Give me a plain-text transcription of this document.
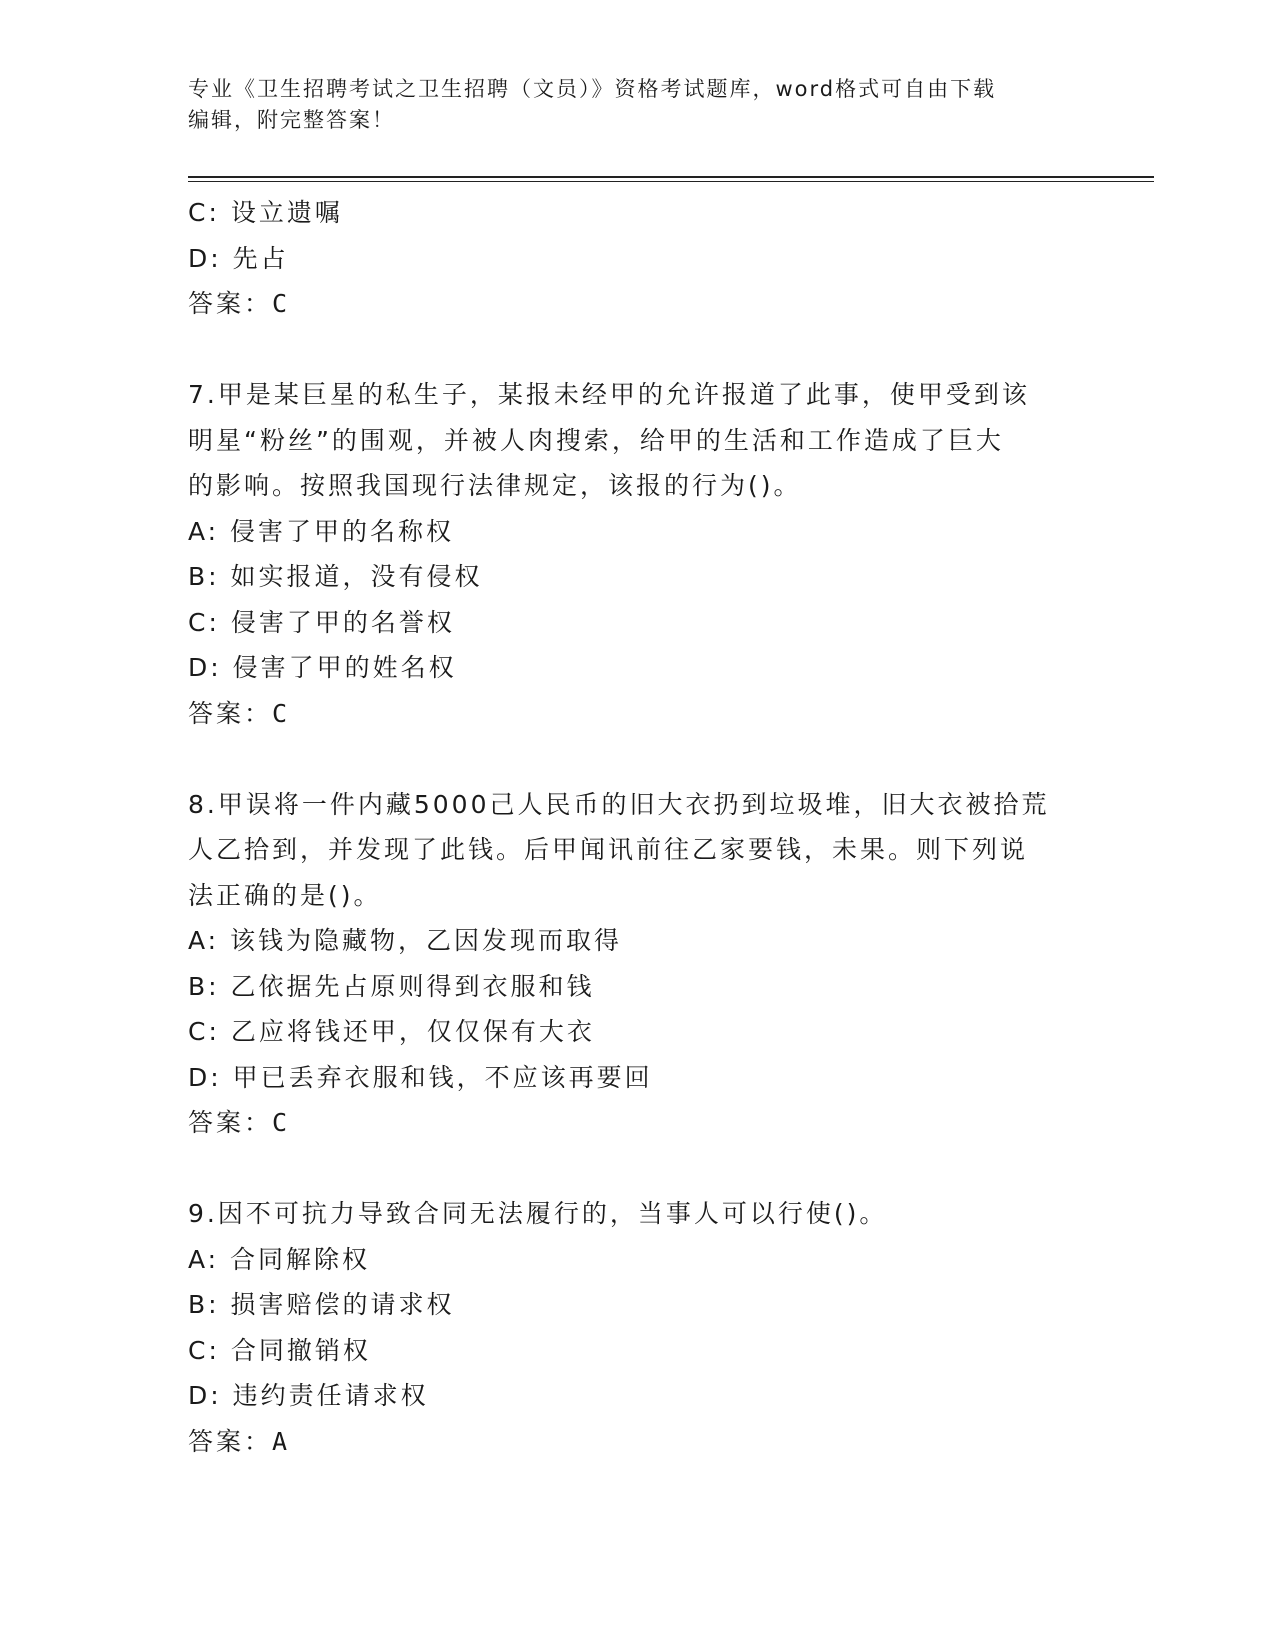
专业《卫生招聘考试之卫生招聘（文员）》资格考试题库，word格式可自由下载
编辑，附完整答案！
C: 设立遗嘱
D: 先占
答案：C
7.甲是某巨星的私生子，某报未经甲的允许报道了此事，使甲受到该
明星“粉丝”的围观，并被人肉搜索，给甲的生活和工作造成了巨大
的影响。按照我国现行法律规定，该报的行为()。
A: 侵害了甲的名称权
B: 如实报道，没有侵权
C: 侵害了甲的名誉权
D: 侵害了甲的姓名权
答案：C
8.甲误将一件内藏5000己人民币的旧大衣扔到垃圾堆，旧大衣被拾荒
人乙拾到，并发现了此钱。后甲闻讯前往乙家要钱，未果。则下列说
法正确的是()。
A: 该钱为隐藏物，乙因发现而取得
B: 乙依据先占原则得到衣服和钱
C: 乙应将钱还甲，仅仅保有大衣
D: 甲已丢弃衣服和钱，不应该再要回
答案：C
9.因不可抗力导致合同无法履行的，当事人可以行使()。
A: 合同解除权
B: 损害赔偿的请求权
C: 合同撤销权
D: 违约责任请求权
答案：A
